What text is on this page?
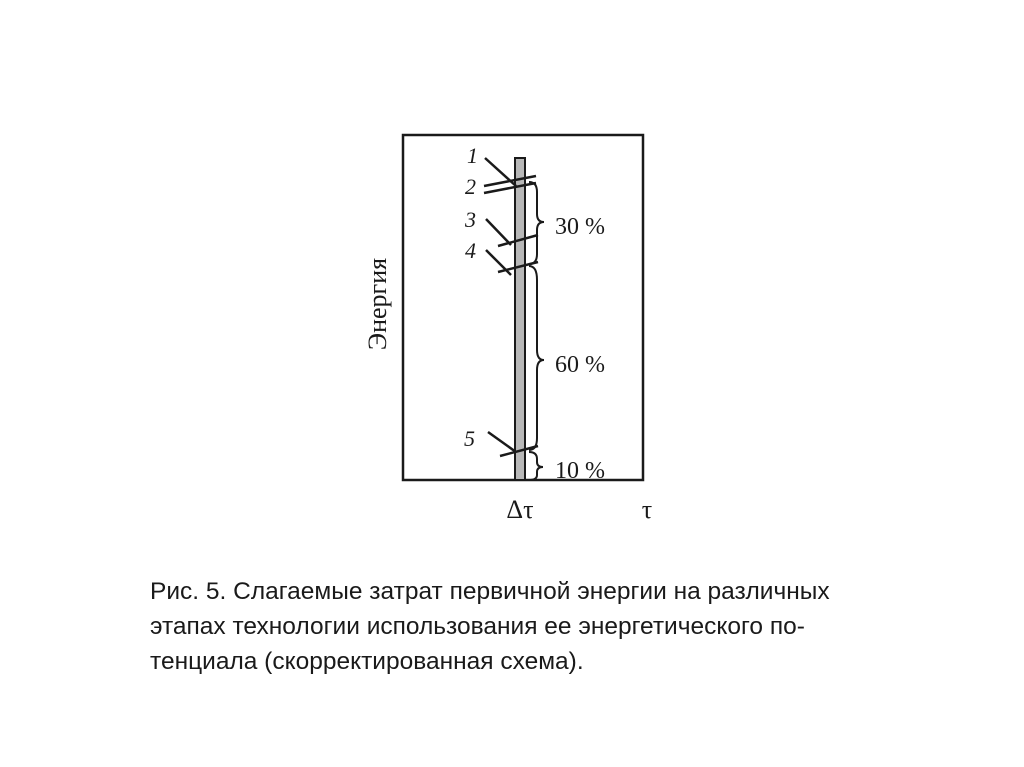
Энергия
1
2
3
4
5
30 %
60 %
10 %
Δτ	τ
Рис. 5. Слагаемые затрат первичной энергии на различных
этапах технологии использования ее энергетического по-
тенциала (скорректированная схема).
